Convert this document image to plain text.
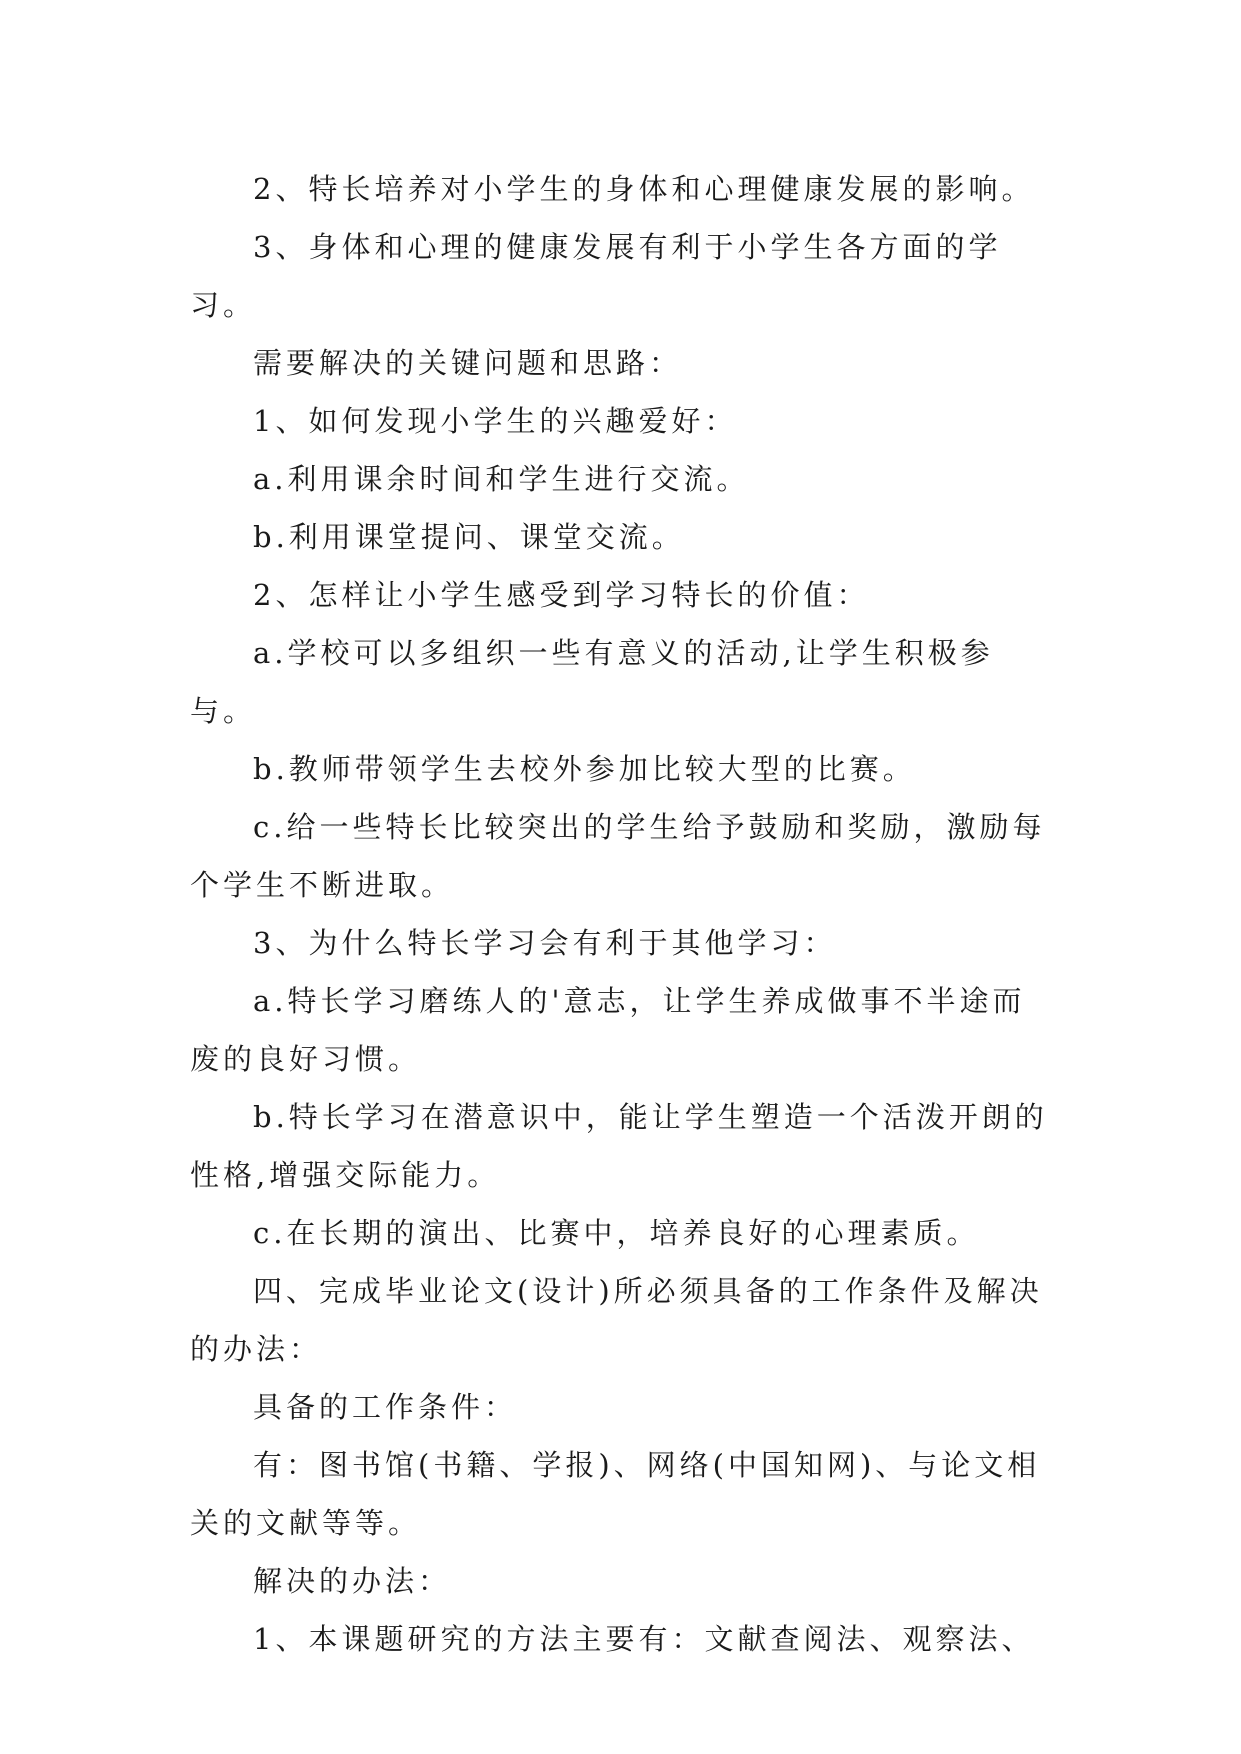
2、特长培养对小学生的身体和心理健康发展的影响。

3、身体和心理的健康发展有利于小学生各方面的学习。

需要解决的关键问题和思路：

1、如何发现小学生的兴趣爱好：

a.利用课余时间和学生进行交流。

b.利用课堂提问、课堂交流。

2、怎样让小学生感受到学习特长的价值：

a.学校可以多组织一些有意义的活动,让学生积极参与。

b.教师带领学生去校外参加比较大型的比赛。

c.给一些特长比较突出的学生给予鼓励和奖励，激励每个学生不断进取。

3、为什么特长学习会有利于其他学习：

a.特长学习磨练人的'意志，让学生养成做事不半途而废的良好习惯。

b.特长学习在潜意识中，能让学生塑造一个活泼开朗的性格,增强交际能力。

c.在长期的演出、比赛中，培养良好的心理素质。

四、完成毕业论文(设计)所必须具备的工作条件及解决的办法：

具备的工作条件：

有：图书馆(书籍、学报)、网络(中国知网)、与论文相关的文献等等。

解决的办法：

1、本课题研究的方法主要有：文献查阅法、观察法、
